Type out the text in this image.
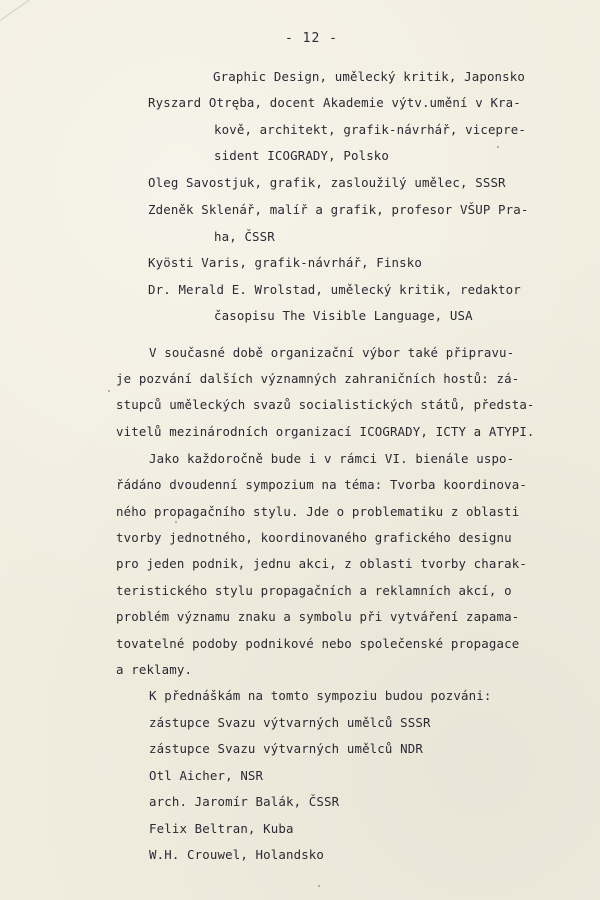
- 12 -
Graphic Design, umělecký kritik, Japonsko
Ryszard Otręba, docent Akademie výtv.umění v Kra-
kově, architekt, grafik-návrhář, vicepre-
sident ICOGRADY, Polsko
Oleg Savostjuk, grafik, zasloužilý umělec, SSSR
Zdeněk Sklenář, malíř a grafik, profesor VŠUP Pra-
ha, ČSSR
Kyösti Varis, grafik-návrhář, Finsko
Dr. Merald E. Wrolstad, umělecký kritik, redaktor
časopisu The Visible Language, USA
V současné době organizační výbor také připravu-
je pozvání dalších významných zahraničních hostů: zá-
stupců uměleckých svazů socialistických států, předsta-
vitelů mezinárodních organizací ICOGRADY, ICTY a ATYPI.
Jako každoročně bude i v rámci VI. bienále uspo-
řádáno dvoudenní sympozium na téma: Tvorba koordinova-
ného propagačního stylu. Jde o problematiku z oblasti
tvorby jednotného, koordinovaného grafického designu
pro jeden podnik, jednu akci, z oblasti tvorby charak-
teristického stylu propagačních a reklamních akcí, o
problém významu znaku a symbolu při vytváření zapama-
tovatelné podoby podnikové nebo společenské propagace
a reklamy.
K přednáškám na tomto sympoziu budou pozváni:
zástupce Svazu výtvarných umělců SSSR
zástupce Svazu výtvarných umělců NDR
Otl Aicher, NSR
arch. Jaromír Balák, ČSSR
Felix Beltran, Kuba
W.H. Crouwel, Holandsko
